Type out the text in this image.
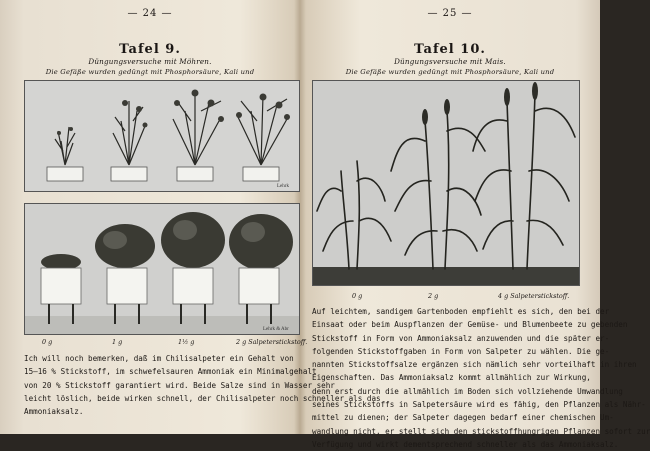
— 24 —
Tafel 9.
Düngungsversuche mit Möhren.
Die Gefäße wurden gedüngt mit Phosphorsäure, Kali und
Lehrk
Lehrk & Abr
0 g	1 g	1½ g	2 g Salpeterstickstoff.
Ich will noch bemerken, daß im Chilisalpeter ein Gehalt von
15—16 % Stickstoff, im schwefelsauren Ammoniak ein Minimalgehalt
von 20 % Stickstoff garantiert wird. Beide Salze sind in Wasser sehr
leicht löslich, beide wirken schnell, der Chilisalpeter noch schneller als das
Ammoniaksalz.
— 25 —
Tafel 10.
Düngungsversuche mit Mais.
Die Gefäße wurden gedüngt mit Phosphorsäure, Kali und
0 g	2 g	4 g Salpeterstickstoff.
Auf leichtem, sandigem Gartenboden empfiehlt es sich, den bei der
Einsaat oder beim Auspflanzen der Gemüse- und Blumenbeete zu gebenden
Stickstoff in Form von Ammoniaksalz anzuwenden und die später er-
folgenden Stickstoffgaben in Form von Salpeter zu wählen. Die ge-
nannten Stickstoffsalze ergänzen sich nämlich sehr vorteilhaft in ihren
Eigenschaften. Das Ammoniaksalz kommt allmählich zur Wirkung,
denn erst durch die allmählich im Boden sich vollziehende Umwandlung
seines Stickstoffs in Salpetersäure wird es fähig, den Pflanzen als Nähr-
mittel zu dienen; der Salpeter dagegen bedarf einer chemischen Um-
wandlung nicht, er stellt sich den stickstoffhungrigen Pflanzen sofort zur
Verfügung und wirkt dementsprechend schneller als das Ammoniaksalz.
